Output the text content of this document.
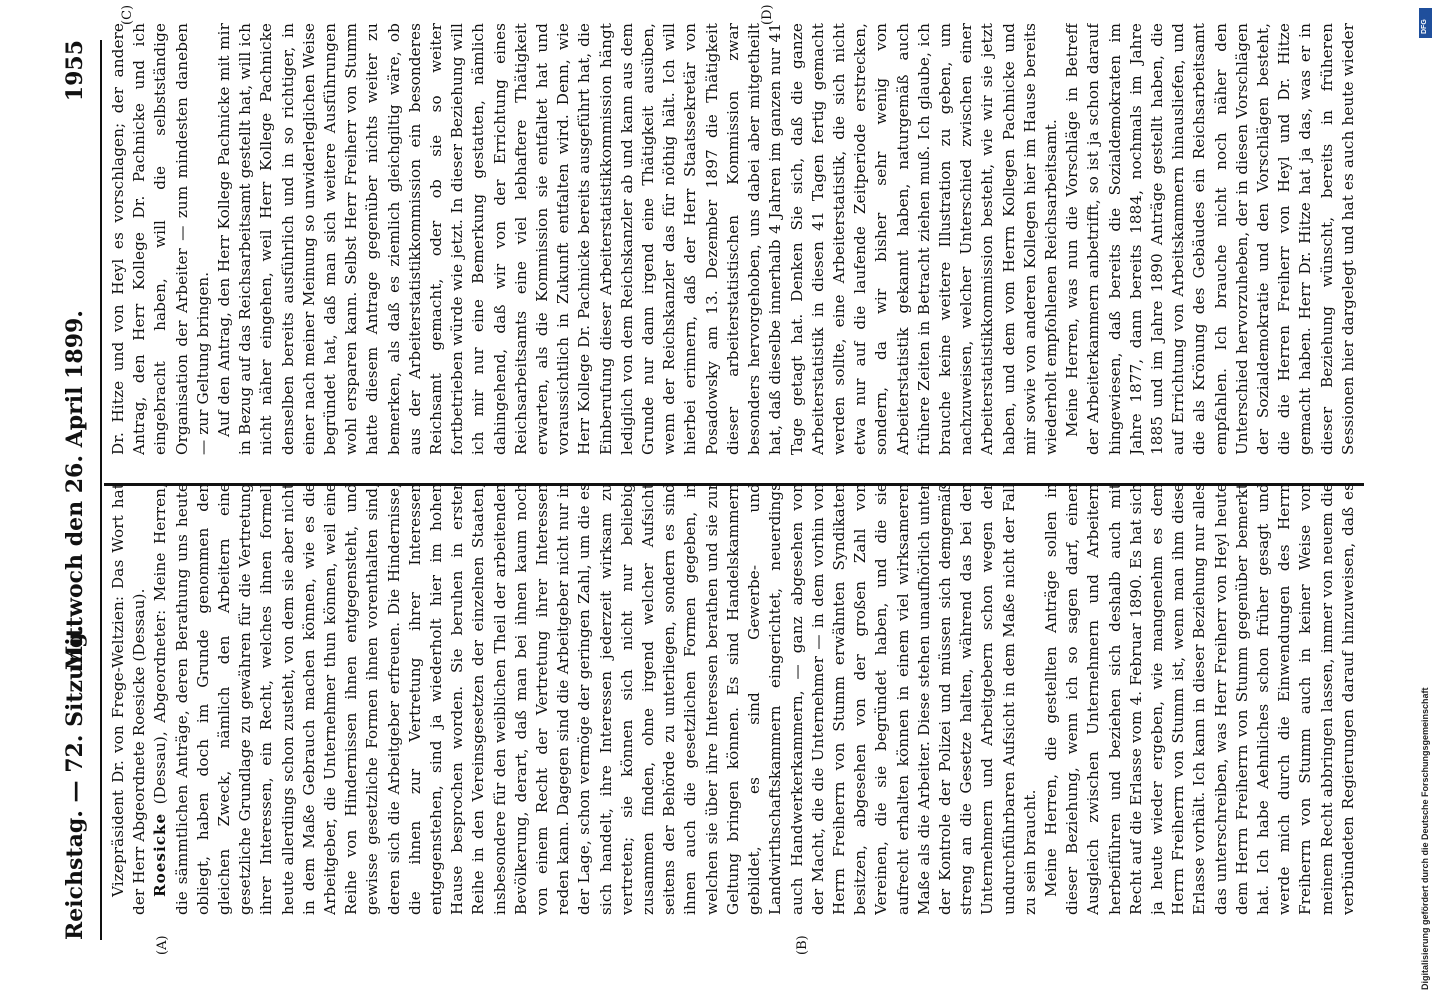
Reichstag. — 72. Sitzung.
Mittwoch den 26. April 1899.
1955
(A)	(B)
(C)	(D)

Vizepräsident Dr. von Frege-Weltzien: Das Wort hat der Herr Abgeordnete Roesicke (Dessau). Roesicke (Dessau), Abgeordneter: Meine Herren, die sämmtlichen Anträge, deren Berathung uns heute obliegt, haben doch im Grunde genommen den gleichen Zweck, nämlich den Arbeitern eine gesetzliche Grundlage zu gewähren für die Vertretung ihrer Interessen, ein Recht, welches ihnen formell heute allerdings schon zusteht, von dem sie aber nicht in dem Maße Gebrauch machen können, wie es die Arbeitgeber, die Unternehmer thun können, weil eine Reihe von Hindernissen ihnen entgegensteht, und gewisse gesetzliche Formen ihnen vorenthalten sind, deren sich die Arbeitgeber erfreuen. Die Hindernisse, die ihnen zur Vertretung ihrer Interessen entgegenstehen, sind ja wiederholt hier im hohen Hause besprochen worden. Sie beruhen in erster Reihe in den Vereinsgesetzen der einzelnen Staaten, insbesondere für den weiblichen Theil der arbeitenden Bevölkerung, derart, daß man bei ihnen kaum noch von einem Recht der Vertretung ihrer Interessen reden kann. Dagegen sind die Arbeitgeber nicht nur in der Lage, schon vermöge der geringen Zahl, um die es sich handelt, ihre Interessen jederzeit wirksam zu vertreten; sie können sich nicht nur beliebig zusammen finden, ohne irgend welcher Aufsicht seitens der Behörde zu unterliegen, sondern es sind ihnen auch die gesetzlichen Formen gegeben, in welchen sie über ihre Interessen berathen und sie zur Geltung bringen können. Es sind Handelskammern gebildet, es sind Gewerbe- und Landwirthschaftskammern eingerichtet, neuerdings auch Handwerkerkammern, — ganz abgesehen von der Macht, die die Unternehmer — in dem vorhin von Herrn Freiherrn von Stumm erwähnten Syndikaten besitzen, abgesehen von der großen Zahl von Vereinen, die sie begründet haben, und die sie aufrecht erhalten können in einem viel wirksameren Maße als die Arbeiter. Diese stehen unaufhörlich unter der Kontrole der Polizei und müssen sich demgemäß streng an die Gesetze halten, während das bei den Unternehmern und Arbeitgebern schon wegen der undurchführbaren Aufsicht in dem Maße nicht der Fall zu sein braucht. Meine Herren, die gestellten Anträge sollen in dieser Beziehung, wenn ich so sagen darf, einen Ausgleich zwischen Unternehmern und Arbeitern herbeiführen und beziehen sich deshalb auch mit Recht auf die Erlasse vom 4. Februar 1890. Es hat sich ja heute wieder ergeben, wie mangenehm es dem Herrn Freiherrn von Stumm ist, wenn man ihm diese Erlasse vorhält. Ich kann in dieser Beziehung nur alles das unterschreiben, was Herr Freiherr von Heyl heute dem Herrn Freiherrn von Stumm gegenüber bemerkt hat. Ich habe Aehnliches schon früher gesagt und werde mich durch die Einwendungen des Herrn Freiherrn von Stumm auch in keiner Weise von meinem Recht abbringen lassen, immer von neuem die verbündeten Regierungen darauf hinzuweisen, daß es

Dr. Hitze und von Heyl es vorschlagen; der andere Antrag, den Herr Kollege Dr. Pachnicke und ich eingebracht haben, will die selbstständige Organisation der Arbeiter — zum mindesten daneben — zur Geltung bringen. Auf den Antrag, den Herr Kollege Pachnicke mit mir in Bezug auf das Reichsarbeitsamt gestellt hat, will ich nicht näher eingehen, weil Herr Kollege Pachnicke denselben bereits ausführlich und in so richtiger, in einer nach meiner Meinung so unwiderleglichen Weise begründet hat, daß man sich weitere Ausführungen wohl ersparen kann. Selbst Herr Freiherr von Stumm hatte diesem Antrage gegenüber nichts weiter zu bemerken, als daß es ziemlich gleichgiltig wäre, ob aus der Arbeiterstatistikkommission ein besonderes Reichsamt gemacht, oder ob sie so weiter fortbetrieben würde wie jetzt. In dieser Beziehung will ich mir nur eine Bemerkung gestatten, nämlich dahingehend, daß wir von der Errichtung eines Reichsarbeitsamts eine viel lebhaftere Thätigkeit erwarten, als die Kommission sie entfaltet hat und voraussichtlich in Zukunft entfalten wird. Denn, wie Herr Kollege Dr. Pachnicke bereits ausgeführt hat, die Einberufung dieser Arbeiterstatistikkommission hängt lediglich von dem Reichskanzler ab und kann aus dem Grunde nur dann irgend eine Thätigkeit ausüben, wenn der Reichskanzler das für nöthig hält. Ich will hierbei erinnern, daß der Herr Staatssekretär von Posadowsky am 13. Dezember 1897 die Thätigkeit dieser arbeiterstatistischen Kommission zwar besonders hervorgehoben, uns dabei aber mitgetheilt hat, daß dieselbe innerhalb 4 Jahren im ganzen nur 41 Tage getagt hat. Denken Sie sich, daß die ganze Arbeiterstatistik in diesen 41 Tagen fertig gemacht werden sollte, eine Arbeiterstatistik, die sich nicht etwa nur auf die laufende Zeitperiode erstrecken, sondern, da wir bisher sehr wenig von Arbeiterstatistik gekannt haben, naturgemäß auch frühere Zeiten in Betracht ziehen muß. Ich glaube, ich brauche keine weitere Illustration zu geben, um nachzuweisen, welcher Unterschied zwischen einer Arbeiterstatistikkommission besteht, wie wir sie jetzt haben, und dem vom Herrn Kollegen Pachnicke und mir sowie von anderen Kollegen hier im Hause bereits wiederholt empfohlenen Reichsarbeitsamt. Meine Herren, was nun die Vorschläge in Betreff der Arbeiterkammern anbetrifft, so ist ja schon darauf hingewiesen, daß bereits die Sozialdemokraten im Jahre 1877, dann bereits 1884, nochmals im Jahre 1885 und im Jahre 1890 Anträge gestellt haben, die auf Errichtung von Arbeitskammern hinausliefen, und die als Krönung des Gebäudes ein Reichsarbeitsamt empfahlen. Ich brauche nicht noch näher den Unterschied hervorzuheben, der in diesen Vorschlägen der Sozialdemokratie und den Vorschlägen besteht, die die Herren Freiherr von Heyl und Dr. Hitze gemacht haben. Herr Dr. Hitze hat ja das, was er in dieser Beziehung wünscht, bereits in früheren Sessionen hier dargelegt und hat es auch heute wieder	DFG
Digitalisierung gefördert durch die Deutsche Forschungsgemeinschaft
